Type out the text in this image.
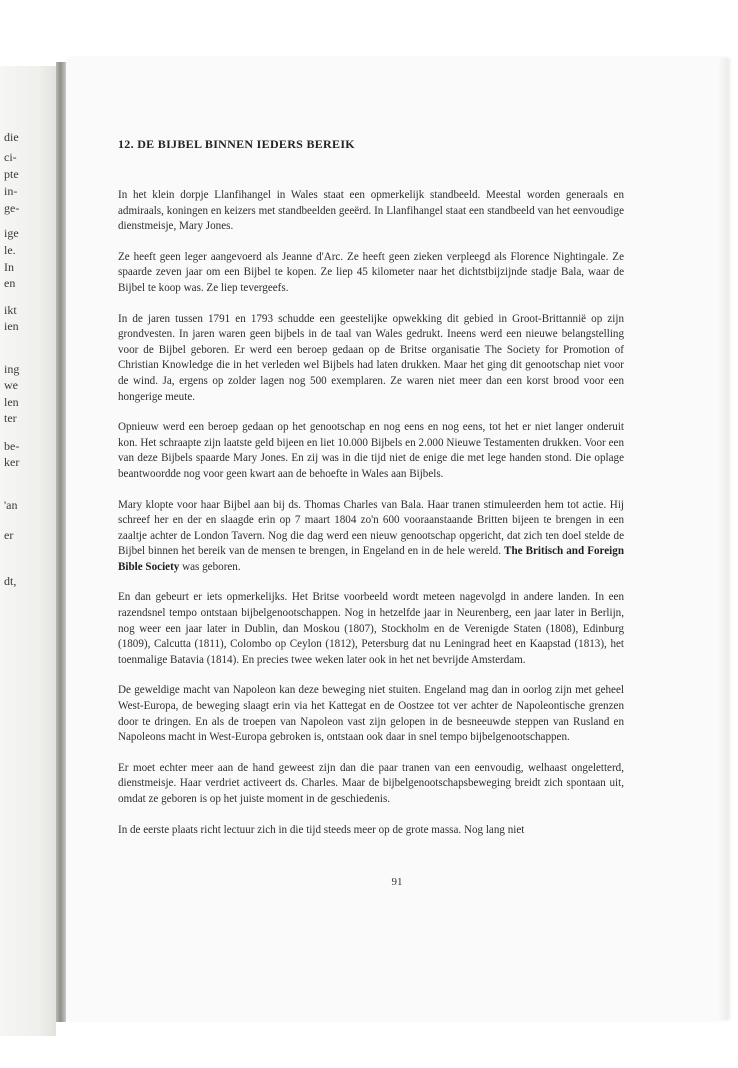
die
ci-
pte
in-
ge-
ige
le.
In
en
ikt
ien
ing
we
len
ter
be-
ker
'an
er
dt,
12. DE BIJBEL BINNEN IEDERS BEREIK

In het klein dorpje Llanfihangel in Wales staat een opmerkelijk standbeeld. Meestal worden generaals en admiraals, koningen en keizers met standbeelden geeërd. In Llanfihangel staat een standbeeld van het eenvoudige dienstmeisje, Mary Jones.

Ze heeft geen leger aangevoerd als Jeanne d'Arc. Ze heeft geen zieken verpleegd als Florence Nightingale. Ze spaarde zeven jaar om een Bijbel te kopen. Ze liep 45 kilometer naar het dichtstbijzijnde stadje Bala, waar de Bijbel te koop was. Ze liep tevergeefs.

In de jaren tussen 1791 en 1793 schudde een geestelijke opwekking dit gebied in Groot-Brittannië op zijn grondvesten. In jaren waren geen bijbels in de taal van Wales gedrukt. Ineens werd een nieuwe belangstelling voor de Bijbel geboren. Er werd een beroep gedaan op de Britse organisatie The Society for Promotion of Christian Knowledge die in het verleden wel Bijbels had laten drukken. Maar het ging dit genootschap niet voor de wind. Ja, ergens op zolder lagen nog 500 exemplaren. Ze waren niet meer dan een korst brood voor een hongerige meute.

Opnieuw werd een beroep gedaan op het genootschap en nog eens en nog eens, tot het er niet langer onderuit kon. Het schraapte zijn laatste geld bijeen en liet 10.000 Bijbels en 2.000 Nieuwe Testamenten drukken. Voor een van deze Bijbels spaarde Mary Jones. En zij was in die tijd niet de enige die met lege handen stond. Die oplage beantwoordde nog voor geen kwart aan de behoefte in Wales aan Bijbels.

Mary klopte voor haar Bijbel aan bij ds. Thomas Charles van Bala. Haar tranen stimuleerden hem tot actie. Hij schreef her en der en slaagde erin op 7 maart 1804 zo'n 600 vooraanstaande Britten bijeen te brengen in een zaaltje achter de London Tavern. Nog die dag werd een nieuw genootschap opgericht, dat zich ten doel stelde de Bijbel binnen het bereik van de mensen te brengen, in Engeland en in de hele wereld. The Britisch and Foreign Bible Society was geboren.

En dan gebeurt er iets opmerkelijks. Het Britse voorbeeld wordt meteen nagevolgd in andere landen. In een razendsnel tempo ontstaan bijbelgenootschappen. Nog in hetzelfde jaar in Neurenberg, een jaar later in Berlijn, nog weer een jaar later in Dublin, dan Moskou (1807), Stockholm en de Verenigde Staten (1808), Edinburg (1809), Calcutta (1811), Colombo op Ceylon (1812), Petersburg dat nu Leningrad heet en Kaapstad (1813), het toenmalige Batavia (1814). En precies twee weken later ook in het net bevrijde Amsterdam.

De geweldige macht van Napoleon kan deze beweging niet stuiten. Engeland mag dan in oorlog zijn met geheel West-Europa, de beweging slaagt erin via het Kattegat en de Oostzee tot ver achter de Napoleontische grenzen door te dringen. En als de troepen van Napoleon vast zijn gelopen in de besneeuwde steppen van Rusland en Napoleons macht in West-Europa gebroken is, ontstaan ook daar in snel tempo bijbelgenootschappen.

Er moet echter meer aan de hand geweest zijn dan die paar tranen van een eenvoudig, welhaast ongeletterd, dienstmeisje. Haar verdriet activeert ds. Charles. Maar de bijbelgenootschapsbeweging breidt zich spontaan uit, omdat ze geboren is op het juiste moment in de geschiedenis.

In de eerste plaats richt lectuur zich in die tijd steeds meer op de grote massa. Nog lang niet

91
